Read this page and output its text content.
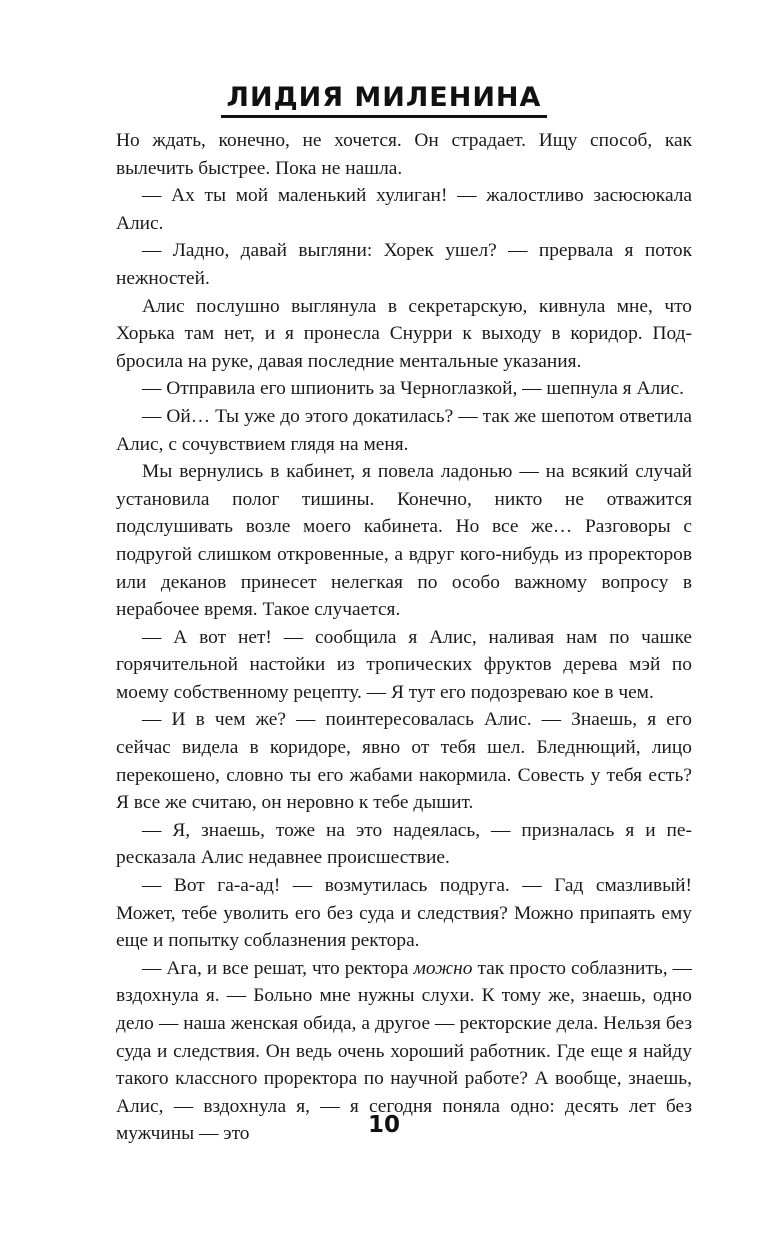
ЛИДИЯ МИЛЕНИНА

Но ждать, конечно, не хочется. Он страдает. Ищу способ, как вылечить быстрее. Пока не нашла.

— Ах ты мой маленький хулиган! — жалостливо засюсюкала Алис.

— Ладно, давай выгляни: Хорек ушел? — прервала я поток нежностей.

Алис послушно выглянула в секретарскую, кивнула мне, что Хорька там нет, и я пронесла Снурри к выходу в коридор. Подбросила на руке, давая последние ментальные указания.

— Отправила его шпионить за Черноглазкой, — шепнула я Алис.

— Ой… Ты уже до этого докатилась? — так же шепотом ответила Алис, с сочувствием глядя на меня.

Мы вернулись в кабинет, я повела ладонью — на всякий случай установила полог тишины. Конечно, никто не отважится подслушивать возле моего кабинета. Но все же… Разговоры с подругой слишком откровенные, а вдруг кого-нибудь из проректоров или деканов принесет нелегкая по особо важному вопросу в нерабочее время. Такое случается.

— А вот нет! — сообщила я Алис, наливая нам по чашке горячительной настойки из тропических фруктов дерева мэй по моему собственному рецепту. — Я тут его подозреваю кое в чем.

— И в чем же? — поинтересовалась Алис. — Знаешь, я его сейчас видела в коридоре, явно от тебя шел. Бледнющий, лицо перекошено, словно ты его жабами накормила. Совесть у тебя есть? Я все же считаю, он неровно к тебе дышит.

— Я, знаешь, тоже на это надеялась, — призналась я и пересказала Алис недавнее происшествие.

— Вот га-а-ад! — возмутилась подруга. — Гад смазливый! Может, тебе уволить его без суда и следствия? Можно припаять ему еще и попытку соблазнения ректора.

— Ага, и все решат, что ректора можно так просто соблазнить, — вздохнула я. — Больно мне нужны слухи. К тому же, знаешь, одно дело — наша женская обида, а другое — ректорские дела. Нельзя без суда и следствия. Он ведь очень хороший работник. Где еще я найду такого классного проректора по научной работе? А вообще, знаешь, Алис, — вздохнула я, — я сегодня поняла одно: десять лет без мужчины — это	10
